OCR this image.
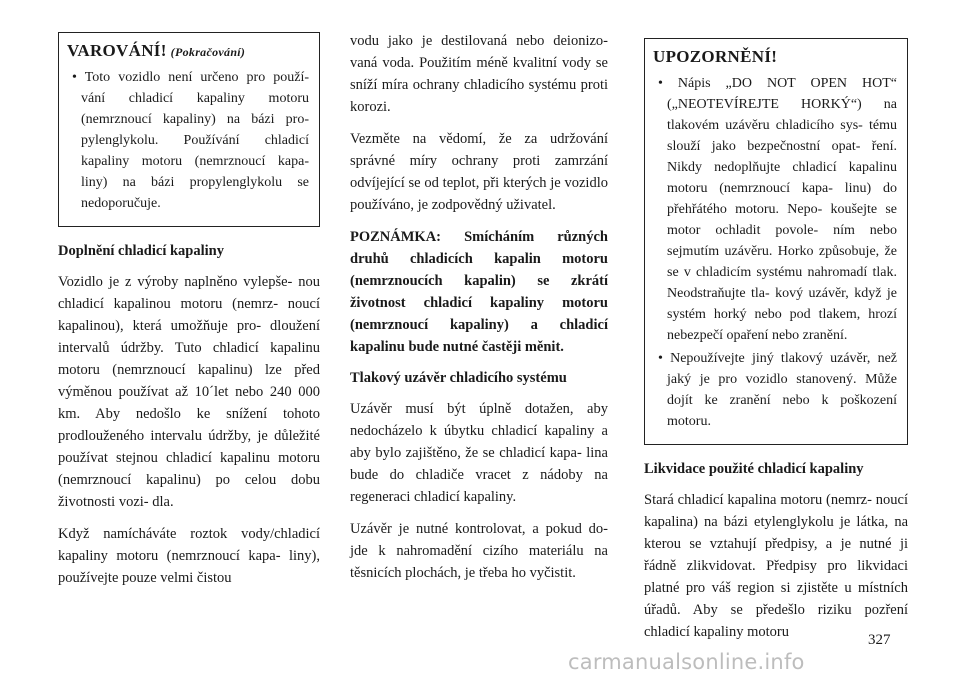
VAROVÁNÍ! (Pokračování)
• Toto vozidlo není určeno pro použí- vání chladicí kapaliny motoru (nemrznoucí kapaliny) na bázi pro- pylenglykolu. Používání chladicí kapaliny motoru (nemrznoucí kapa- liny) na bázi propylenglykolu se nedoporučuje.
Doplnění chladicí kapaliny

Vozidlo je z výroby naplněno vylepše- nou chladicí kapalinou motoru (nemrz- noucí kapalinou), která umožňuje pro- dloužení intervalů údržby. Tuto chladicí kapalinu motoru (nemrznoucí kapalinu) lze před výměnou používat až 10´let nebo 240 000 km. Aby nedošlo ke snížení tohoto prodlouženého intervalu údržby, je důležité používat stejnou chladicí kapalinu motoru (nemrznoucí kapalinu) po celou dobu životnosti vozi- dla.

Když namícháváte roztok vody/chladicí kapaliny motoru (nemrznoucí kapa- liny), používejte pouze velmi čistou

vodu jako je destilovaná nebo deionizo- vaná voda. Použitím méně kvalitní vody se sníží míra ochrany chladicího systému proti korozi.

Vezměte na vědomí, že za udržování správné míry ochrany proti zamrzání odvíjející se od teplot, při kterých je vozidlo používáno, je zodpovědný uživatel.

POZNÁMKA: Smícháním různých druhů chladicích kapalin motoru (nemrznoucích kapalin) se zkrátí životnost chladicí kapaliny motoru (nemrznoucí kapaliny) a chladicí kapalinu bude nutné častěji měnit.

Tlakový uzávěr chladicího systému

Uzávěr musí být úplně dotažen, aby nedocházelo k úbytku chladicí kapaliny a aby bylo zajištěno, že se chladicí kapa- lina bude do chladiče vracet z nádoby na regeneraci chladicí kapaliny.

Uzávěr je nutné kontrolovat, a pokud do- jde k nahromadění cizího materiálu na těsnicích plochách, je třeba ho vyčistit.

UPOZORNĚNÍ!
• Nápis „DO NOT OPEN HOT“ („NEOTEVÍREJTE HORKÝ“) na tlakovém uzávěru chladicího sys- tému slouží jako bezpečnostní opat- ření. Nikdy nedoplňujte chladicí kapalinu motoru (nemrznoucí kapa- linu) do přehřátého motoru. Nepo- koušejte se motor ochladit povole- ním nebo sejmutím uzávěru. Horko způsobuje, že se v chladicím systému nahromadí tlak. Neodstraňujte tla- kový uzávěr, když je systém horký nebo pod tlakem, hrozí nebezpečí opaření nebo zranění.
• Nepoužívejte jiný tlakový uzávěr, než jaký je pro vozidlo stanovený. Může dojít ke zranění nebo k poškození motoru.
Likvidace použité chladicí kapaliny

Stará chladicí kapalina motoru (nemrz- noucí kapalina) na bázi etylenglykolu je látka, na kterou se vztahují předpisy, a je nutné ji řádně zlikvidovat. Předpisy pro likvidaci platné pro váš region si zjistěte u místních úřadů. Aby se předešlo riziku pozření chladicí kapaliny motoru	327
carmanualsonline.info
